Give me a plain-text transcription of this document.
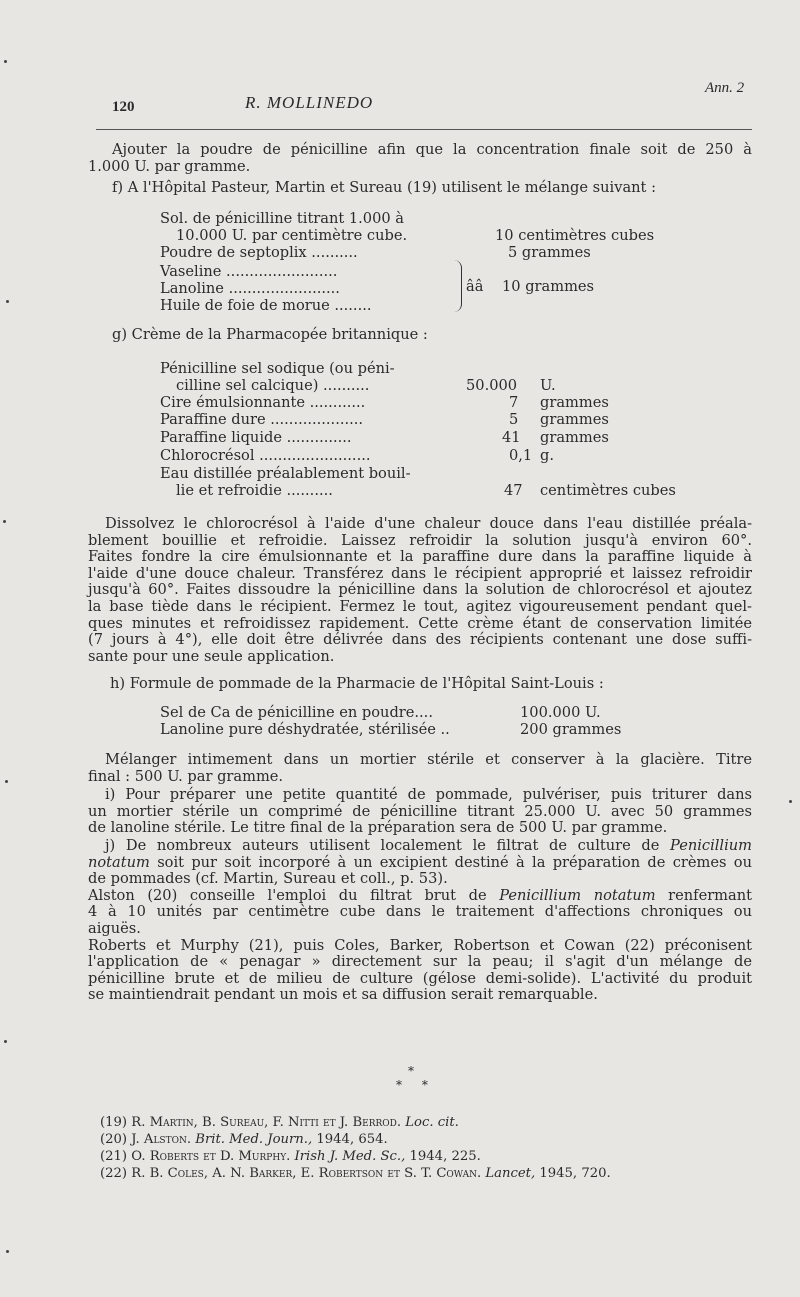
Ann. 2
120	R. MOLLINEDO
Ajouter la poudre de pénicilline afin que la concentration finale soit de 250 à
1.000 U. par gramme.
f) A l'Hôpital Pasteur, Martin et Sureau (19) utilisent le mélange suivant :
Sol. de pénicilline titrant 1.000 à
10.000 U. par centimètre cube.	10 centimètres cubes
Poudre de septoplix ..........	5 grammes
Vaseline ........................
Lanoline ........................
Huile de foie de morue ........
ââ 10 grammes
g) Crème de la Pharmacopée britannique :
Pénicilline sel sodique (ou péni-
cilline sel calcique) ..........	50.000 U.
Cire émulsionnante ............	7 grammes
Paraffine dure ....................	5 grammes
Paraffine liquide ..............	41 grammes
Chlorocrésol ........................	0,1 g.
Eau distillée préalablement bouil-
lie et refroidie ..........	47 centimètres cubes
Dissolvez le chlorocrésol à l'aide d'une chaleur douce dans l'eau distillée préala-
blement bouillie et refroidie. Laissez refroidir la solution jusqu'à environ 60°.
Faites fondre la cire émulsionnante et la paraffine dure dans la paraffine liquide à
l'aide d'une douce chaleur. Transférez dans le récipient approprié et laissez refroidir
jusqu'à 60°. Faites dissoudre la pénicilline dans la solution de chlorocrésol et ajoutez
la base tiède dans le récipient. Fermez le tout, agitez vigoureusement pendant quel-
ques minutes et refroidissez rapidement. Cette crème étant de conservation limitée
(7 jours à 4°), elle doit être délivrée dans des récipients contenant une dose suffi-
sante pour une seule application.
h) Formule de pommade de la Pharmacie de l'Hôpital Saint-Louis :
Sel de Ca de pénicilline en poudre....	100.000 U.
Lanoline pure déshydratée, stérilisée ..	200 grammes
Mélanger intimement dans un mortier stérile et conserver à la glacière. Titre
final : 500 U. par gramme.
i) Pour préparer une petite quantité de pommade, pulvériser, puis triturer dans
un mortier stérile un comprimé de pénicilline titrant 25.000 U. avec 50 grammes
de lanoline stérile. Le titre final de la préparation sera de 500 U. par gramme.
j) De nombreux auteurs utilisent localement le filtrat de culture de Penicillium
notatum soit pur soit incorporé à un excipient destiné à la préparation de crèmes ou
de pommades (cf. Martin, Sureau et coll., p. 53).
Alston (20) conseille l'emploi du filtrat brut de Penicillium notatum renfermant
4 à 10 unités par centimètre cube dans le traitement d'affections chroniques ou
aiguës.
Roberts et Murphy (21), puis Coles, Barker, Robertson et Cowan (22) préconisent
l'application de « penagar » directement sur la peau; il s'agit d'un mélange de
pénicilline brute et de milieu de culture (gélose demi-solide). L'activité du produit
se maintiendrait pendant un mois et sa diffusion serait remarquable.
*
* *
(19) R. Martin, B. Sureau, F. Nitti et J. Berrod. Loc. cit.
(20) J. Alston. Brit. Med. Journ., 1944, 654.
(21) O. Roberts et D. Murphy. Irish J. Med. Sc., 1944, 225.
(22) R. B. Coles, A. N. Barker, E. Robertson et S. T. Cowan. Lancet, 1945, 720.
